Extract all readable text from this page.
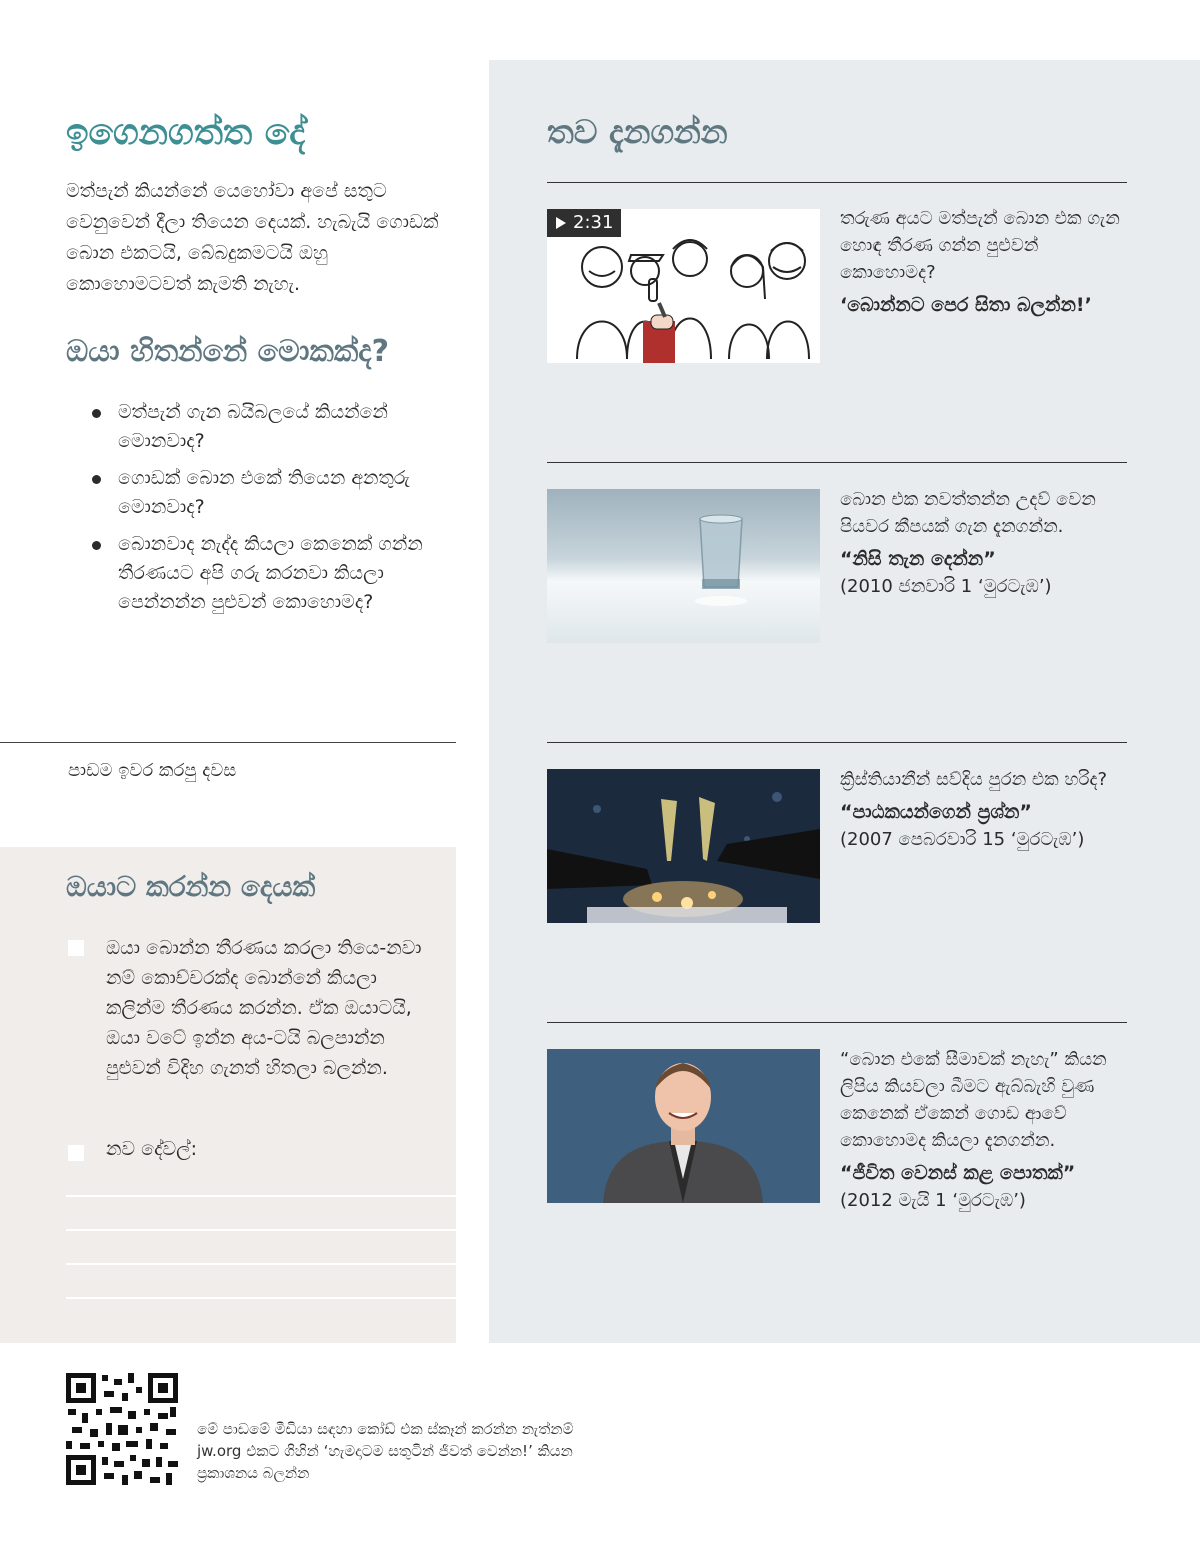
ඉගෙනගත්ත දේ
මත්පැන් කියන්නේ යෙහෝවා අපේ සතුට වෙනුවෙන් දීලා තියෙන දෙයක්. හැබැයි ගොඩක් බොන එකටයි, බේබදුකමටයි ඔහු කොහොමටවත් කැමති නැහැ.
ඔයා හිතන්නේ මොකක්ද?
මත්පැන් ගැන බයිබලයේ කියන්නේ මොනවාද?
ගොඩක් බොන එකේ තියෙන අනතුරු මොනවාද?
බොනවාද නැද්ද කියලා කෙනෙක් ගන්න තීරණයට අපි ගරු කරනවා කියලා පෙන්නන්න පුළුවන් කොහොමද?
පාඩම ඉවර කරපු දවස
ඔයාට කරන්න දෙයක්
ඔයා බොන්න තීරණය කරලා තියෙ-නවා නම් කොච්චරක්ද බොන්නේ කියලා කලින්ම තීරණය කරන්න. ඒක ඔයාටයි, ඔයා වටේ ඉන්න අය-ටයි බලපාන්න පුළුවන් විදිහ ගැනත් හිතලා බලන්න.
නව දේවල්:
තව දැනගන්න
2:31	තරුණ අයට මත්පැන් බොන එක ගැන හොඳ තීරණ ගන්න පුළුවන් කොහොමද?
‘බොන්නට පෙර සිතා බලන්න!’
බොන එක නවත්තන්න උදව් වෙන පියවර කීපයක් ගැන දැනගන්න.
“නිසි තැන දෙන්න”
(2010 ජනවාරි 1 ‘මුරටැඹ’)
ක්‍රිස්තියානීන් සව්දිය පුරන එක හරිද?
“පාඨකයන්ගෙන් ප්‍රශ්න”
(2007 පෙබරවාරි 15 ‘මුරටැඹ’)
“බොන එකේ සීමාවක් නැහැ” කියන ලිපිය කියවලා බීමට ඇබ්බැහි වුණ කෙනෙක් ඒකෙන් ගොඩ ආවේ කොහොමද කියලා දැනගන්න.
“ජීවිත වෙනස් කළ පොතක්”
(2012 මැයි 1 ‘මුරටැඹ’)
මේ පාඩමේ මීඩියා සඳහා කෝඩ් එක ස්කෑන් කරන්න නැත්නම් jw.org එකට ගිහින් ‘හැමදාටම සතුටින් ජීවත් වෙන්න!’ කියන ප්‍රකාශනය බලන්න
